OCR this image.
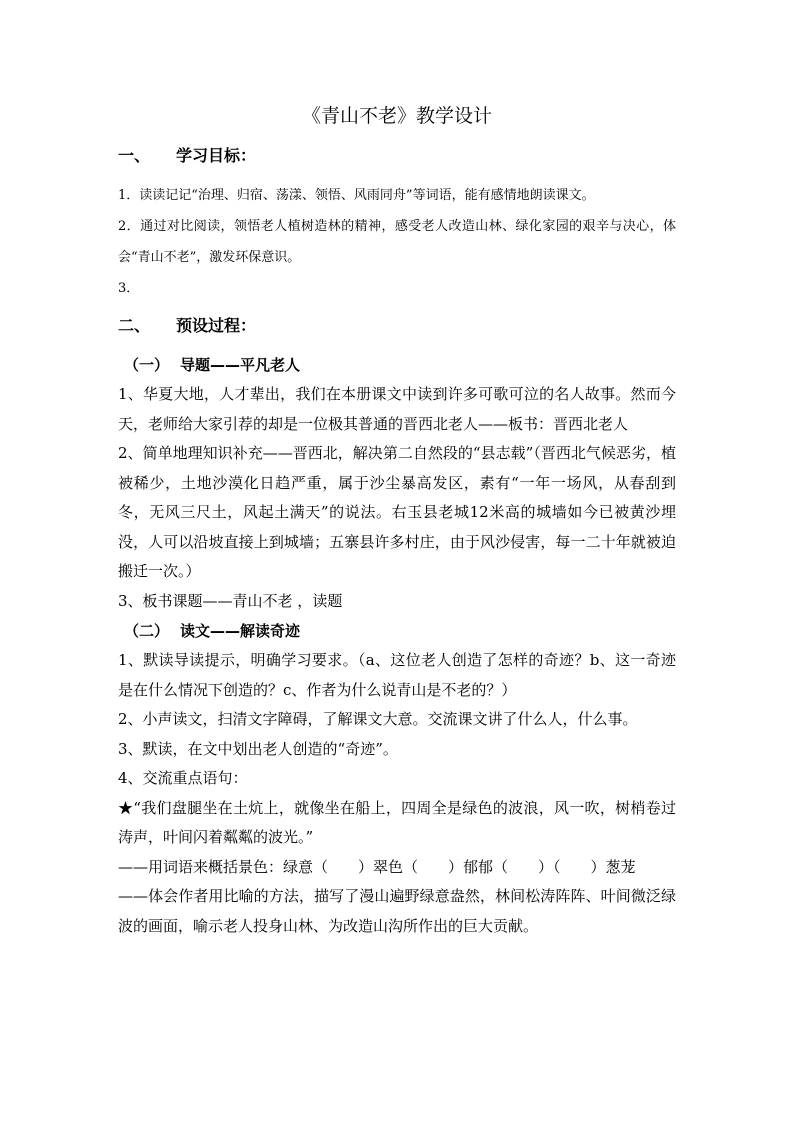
《青山不老》教学设计
一、 学习目标：

1．读读记记“治理、归宿、荡漾、领悟、风雨同舟”等词语，能有感情地朗读课文。

2．通过对比阅读，领悟老人植树造林的精神，感受老人改造山林、绿化家园的艰辛与决心，体会“青山不老”，激发环保意识。

3．

二、 预设过程：
（一） 导题——平凡老人

1、华夏大地，人才辈出，我们在本册课文中读到许多可歌可泣的名人故事。然而今天，老师给大家引荐的却是一位极其普通的晋西北老人——板书：晋西北老人

2、简单地理知识补充——晋西北，解决第二自然段的“县志载”（晋西北气候恶劣，植被稀少，土地沙漠化日趋严重，属于沙尘暴高发区，素有“一年一场风，从春刮到冬，无风三尺土，风起土满天”的说法。右玉县老城12米高的城墙如今已被黄沙埋没，人可以沿坡直接上到城墙；五寨县许多村庄，由于风沙侵害，每一二十年就被迫搬迁一次。）

3、板书课题——青山不老 ，读题

（二） 读文——解读奇迹

1、默读导读提示，明确学习要求。（a、这位老人创造了怎样的奇迹？b、这一奇迹是在什么情况下创造的？c、作者为什么说青山是不老的？）

2、小声读文，扫清文字障碍，了解课文大意。交流课文讲了什么人，什么事。

3、默读，在文中划出老人创造的“奇迹”。

4、交流重点语句：

★“我们盘腿坐在土炕上，就像坐在船上，四周全是绿色的波浪，风一吹，树梢卷过涛声，叶间闪着粼粼的波光。”

——用词语来概括景色：绿意（　　）翠色（　　）郁郁（　　）（　　）葱茏

——体会作者用比喻的方法，描写了漫山遍野绿意盎然，林间松涛阵阵、叶间微泛绿波的画面，喻示老人投身山林、为改造山沟所作出的巨大贡献。
